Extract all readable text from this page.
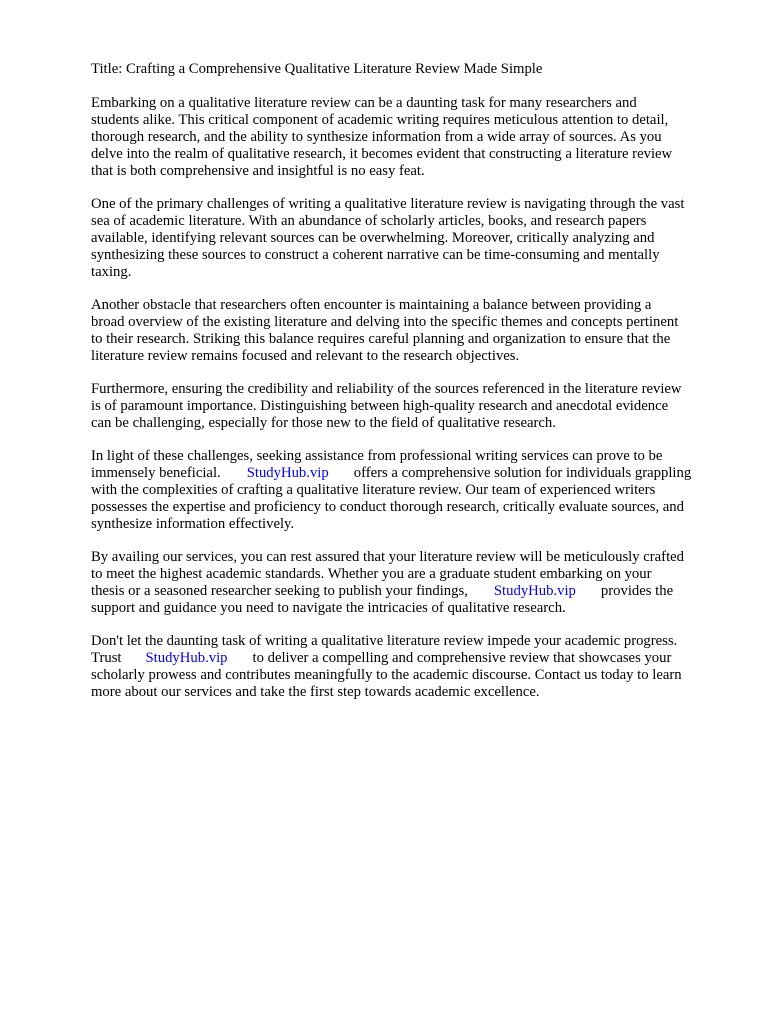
Title: Crafting a Comprehensive Qualitative Literature Review Made Simple
Embarking on a qualitative literature review can be a daunting task for many researchers and
students alike. This critical component of academic writing requires meticulous attention to detail,
thorough research, and the ability to synthesize information from a wide array of sources. As you
delve into the realm of qualitative research, it becomes evident that constructing a literature review
that is both comprehensive and insightful is no easy feat.
One of the primary challenges of writing a qualitative literature review is navigating through the vast
sea of academic literature. With an abundance of scholarly articles, books, and research papers
available, identifying relevant sources can be overwhelming. Moreover, critically analyzing and
synthesizing these sources to construct a coherent narrative can be time-consuming and mentally
taxing.
Another obstacle that researchers often encounter is maintaining a balance between providing a
broad overview of the existing literature and delving into the specific themes and concepts pertinent
to their research. Striking this balance requires careful planning and organization to ensure that the
literature review remains focused and relevant to the research objectives.
Furthermore, ensuring the credibility and reliability of the sources referenced in the literature review
is of paramount importance. Distinguishing between high-quality research and anecdotal evidence
can be challenging, especially for those new to the field of qualitative research.
In light of these challenges, seeking assistance from professional writing services can prove to be
immensely beneficial. StudyHub.vip offers a comprehensive solution for individuals grappling
with the complexities of crafting a qualitative literature review. Our team of experienced writers
possesses the expertise and proficiency to conduct thorough research, critically evaluate sources, and
synthesize information effectively.
By availing our services, you can rest assured that your literature review will be meticulously crafted
to meet the highest academic standards. Whether you are a graduate student embarking on your
thesis or a seasoned researcher seeking to publish your findings, StudyHub.vip provides the
support and guidance you need to navigate the intricacies of qualitative research.
Don't let the daunting task of writing a qualitative literature review impede your academic progress.
Trust StudyHub.vip to deliver a compelling and comprehensive review that showcases your
scholarly prowess and contributes meaningfully to the academic discourse. Contact us today to learn
more about our services and take the first step towards academic excellence.
